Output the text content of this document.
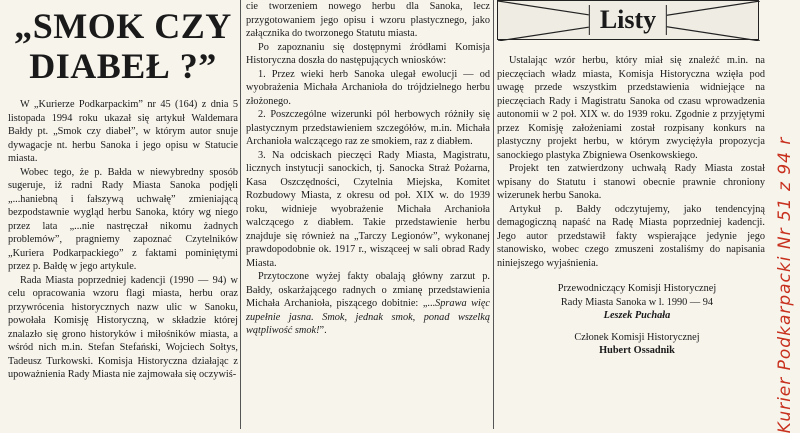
„SMOK CZY
DIABEŁ ?”

W „Kurierze Podkarpackim” nr 45 (164) z dnia 5 listopada 1994 roku ukazał się artykuł Waldemara Bałdy pt. „Smok czy diabeł”, w którym autor snuje dywagacje nt. herbu Sanoka i jego opisu w Statucie miasta.

Wobec tego, że p. Bałda w niewybredny sposób sugeruje, iż radni Rady Miasta Sanoka podjęli „...haniebną i fałszywą uchwałę” zmieniającą bezpodstawnie wygląd herbu Sanoka, który wg niego przez lata „...nie nastręczał nikomu żadnych problemów”, pragniemy zapoznać Czytelników „Kuriera Podkarpackiego” z faktami pominiętymi przez p. Bałdę w jego artykule.

Rada Miasta poprzedniej kadencji (1990 — 94) w celu opracowania wzoru flagi miasta, herbu oraz przywrócenia historycznych nazw ulic w Sanoku, powołała Komisję Historyczną, w składzie której znalazło się grono historyków i miłośników miasta, a wśród nich m.in. Stefan Stefański, Wojciech Sołtys, Tadeusz Turkowski. Komisja Historyczna działając z upoważnienia Rady Miasta nie zajmowała się oczywiś-

cie tworzeniem nowego herbu dla Sanoka, lecz przygotowaniem jego opisu i wzoru plastycznego, jako załącznika do tworzonego Statutu miasta.

Po zapoznaniu się dostępnymi źródłami Komisja Historyczna doszła do następujących wniosków:

1. Przez wieki herb Sanoka ulegał ewolucji — od wyobrażenia Michała Archanioła do trójdzielnego herbu złożonego.

2. Poszczególne wizerunki pól herbowych różniły się plastycznym przedstawieniem szczegółów, m.in. Michała Archanioła walczącego raz ze smokiem, raz z diabłem.

3. Na odciskach pieczęci Rady Miasta, Magistratu, licznych instytucji sanockich, tj. Sanocka Straż Pożarna, Kasa Oszczędności, Czytelnia Miejska, Komitet Rozbudowy Miasta, z okresu od poł. XIX w. do 1939 roku, widnieje wyobrażenie Michała Archanioła walczącego z diabłem. Takie przedstawienie herbu znajduje się również na „Tarczy Legionów”, wykonanej prawdopodobnie ok. 1917 r., wisząceej w sali obrad Rady Miasta.

Przytoczone wyżej fakty obalają główny zarzut p. Bałdy, oskarżającego radnych o zmianę przedstawienia Michała Archanioła, piszącego dobitnie: „...Sprawa więc zupełnie jasna. Smok, jednak smok, ponad wszelką wątpliwość smok!”.

Listy

Ustalając wzór herbu, który miał się znaleźć m.in. na pieczęciach władz miasta, Komisja Historyczna wzięła pod uwagę przede wszystkim przedstawienia widniejące na pieczęciach Rady i Magistratu Sanoka od czasu wprowadzenia autonomii w 2 poł. XIX w. do 1939 roku. Zgodnie z przyjętymi przez Komisję założeniami został rozpisany konkurs na plastyczny projekt herbu, w którym zwyciężyła propozycja sanockiego plastyka Zbigniewa Osenkowskiego.

Projekt ten zatwierdzony uchwałą Rady Miasta został wpisany do Statutu i stanowi obecnie prawnie chroniony wizerunek herbu Sanoka.

Artykuł p. Bałdy odczytujemy, jako tendencyjną demagogiczną napaść na Radę Miasta poprzedniej kadencji. Jego autor przedstawił fakty wspierające jedynie jego stanowisko, wobec czego zmuszeni zostaliśmy do napisania niniejszego wyjaśnienia.

Przewodniczący Komisji Historycznej

Rady Miasta Sanoka w l. 1990 — 94

Leszek Puchała

Członek Komisji Historycznej

Hubert Ossadnik	Kurier Podkarpacki Nr 51 z 94 r
